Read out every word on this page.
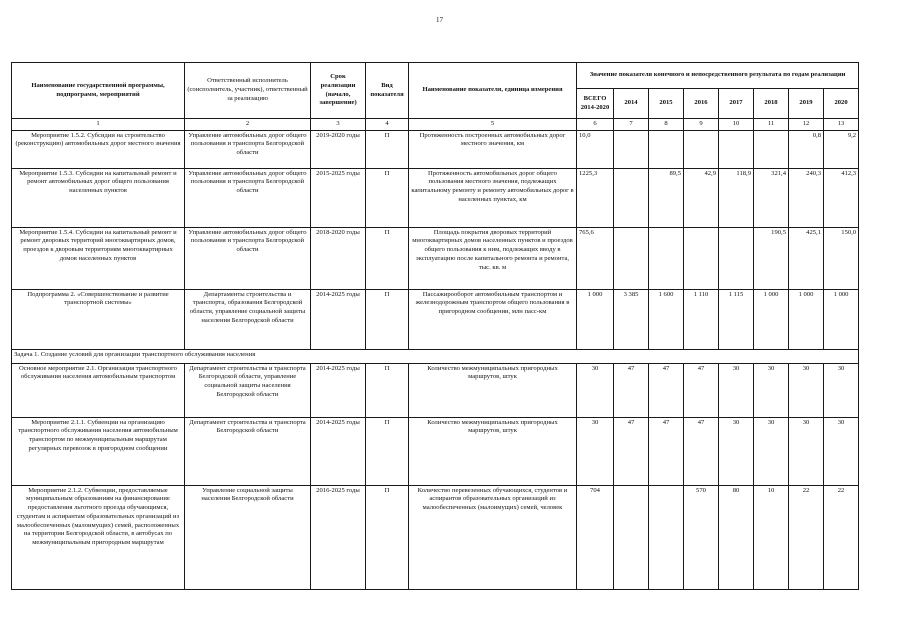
17
Наименование государственной программы, подпрограмм, мероприятий	Ответственный исполнитель (соисполнитель, участник), ответственный за реализацию	Срок реализации (начало, завершение)	Вид показателя	Наименование показателя, единица измерения	Значение показателя конечного и непосредственного результата по годам реализации							
					ВСЕГО 2014-2020	2014	2015	2016	2017	2018	2019	2020
1	2	3	4	5	6	7	8	9	10	11	12	13
Мероприятие 1.5.2. Субсидии на строительство (реконструкцию) автомобильных дорог местного значения	Управление автомобильных дорог общего пользования и транспорта Белгородской области	2019-2020 годы	П	Протяженность построенных автомобильных дорог местного значения, км	10,0						0,8	9,2
Мероприятие 1.5.3. Субсидии на капитальный ремонт и ремонт автомобильных дорог общего пользования населенных пунктов	Управление автомобильных дорог общего пользования и транспорта Белгородской области	2015-2025 годы	П	Протяженность автомобильных дорог общего пользования местного значения, подлежащих капитальному ремонту и ремонту автомобильных дорог в населенных пунктах, км	1225,3		89,5	42,9	118,9	321,4	240,3	412,3
Мероприятие 1.5.4. Субсидии на капитальный ремонт и ремонт дворовых территорий многоквартирных домов, проездов к дворовым территориям многоквартирных домов населенных пунктов	Управление автомобильных дорог общего пользования и транспорта Белгородской области	2018-2020 годы	П	Площадь покрытия дворовых территорий многоквартирных домов населенных пунктов и проездов общего пользования к ним, подлежащих вводу в эксплуатацию после капитального ремонта и ремонта, тыс. кв. м	765,6					190,5	425,1	150,0
Подпрограмма 2. «Совершенствование и развитие транспортной системы»	Департаменты строительства и транспорта, образования Белгородской области, управление социальной защиты населения Белгородской области	2014-2025 годы	П	Пассажирооборот автомобильным транспортом и железнодорожным транспортом общего пользования в пригородном сообщении, млн пасс-км	1 000	3 385	1 600	1 110	1 115	1 000	1 000	1 000
Задача 1. Создание условий для организации транспортного обслуживания населения												
Основное мероприятие 2.1. Организация транспортного обслуживания населения автомобильным транспортом	Департамент строительства и транспорта Белгородской области, управление социальной защиты населения Белгородской области	2014-2025 годы	П	Количество межмуниципальных пригородных маршрутов, штук	30	47	47	47	30	30	30	30
Мероприятие 2.1.1. Субвенции на организацию транспортного обслуживания населения автомобильным транспортом по межмуниципальным маршрутам регулярных перевозок в пригородном сообщении	Департамент строительства и транспорта Белгородской области	2014-2025 годы	П	Количество межмуниципальных пригородных маршрутов, штук	30	47	47	47	30	30	30	30
Мероприятие 2.1.2. Субвенции, предоставляемые муниципальным образованиям на финансирование предоставления льготного проезда обучающимся, студентам и аспирантам образовательных организаций из малообеспеченных (малоимущих) семей, расположенных на территории Белгородской области, в автобусах по межмуниципальным пригородным маршрутам	Управление социальной защиты населения Белгородской области	2016-2025 годы	П	Количество перевезенных обучающихся, студентов и аспирантов образовательных организаций из малообеспеченных (малоимущих) семей, человек	704			570	80	10	22	22
